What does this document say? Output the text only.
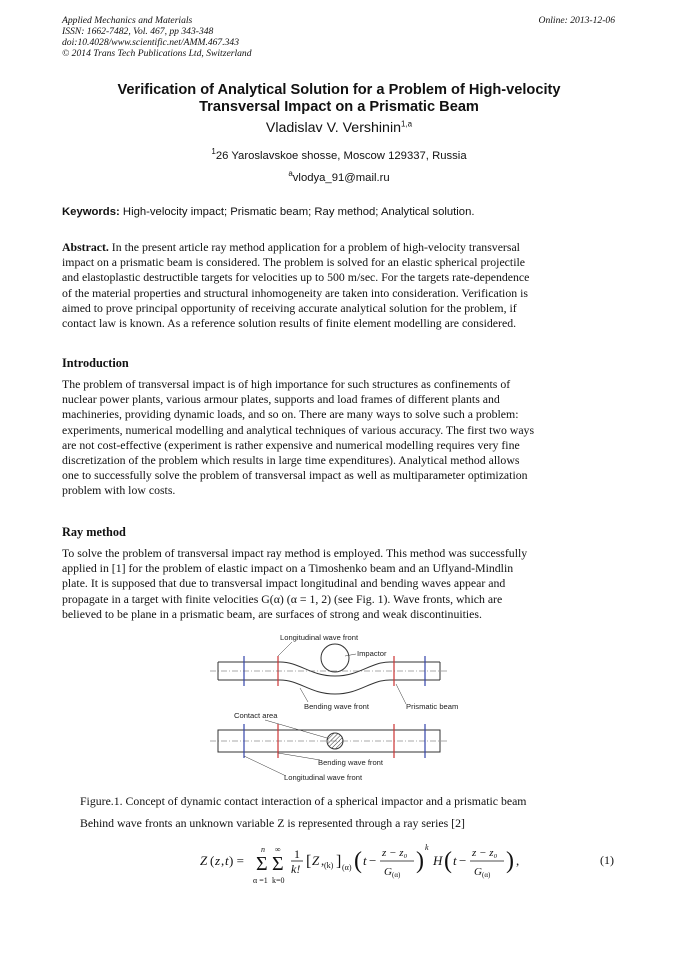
Applied Mechanics and Materials
ISSN: 1662-7482, Vol. 467, pp 343-348
doi:10.4028/www.scientific.net/AMM.467.343
© 2014 Trans Tech Publications Ltd, Switzerland
Online: 2013-12-06
Verification of Analytical Solution for a Problem of High-velocity
Transversal Impact on a Prismatic Beam
Vladislav V. Vershinin$^{1,a}$
$^1$26 Yaroslavskoe shosse, Moscow 129337, Russia
$^a$vlodya_91@mail.ru
Keywords: High-velocity impact; Prismatic beam; Ray method; Analytical solution.
Abstract. In the present article ray method application for a problem of high-velocity transversal
impact on a prismatic beam is considered. The problem is solved for an elastic spherical projectile
and elastoplastic destructible targets for velocities up to 500 m/sec. For the targets rate-dependence
of the material properties and structural inhomogeneity are taken into consideration. Verification is
aimed to prove principal opportunity of receiving accurate analytical solution for the problem, if
contact law is known. As a reference solution results of finite element modelling are considered.
Introduction
The problem of transversal impact is of high importance for such structures as confinements of
nuclear power plants, various armour plates, supports and load frames of different plants and
machineries, providing dynamic loads, and so on. There are many ways to solve such a problem:
experiments, numerical modelling and analytical techniques of various accuracy. The first two ways
are not cost-effective (experiment is rather expensive and numerical modelling requires very fine
discretization of the problem which results in large time expenditures). Analytical method allows
one to successfully solve the problem of transversal impact as well as multiparameter optimization
problem with low costs.
Ray method
To solve the problem of transversal impact ray method is employed. This method was successfully
applied in [1] for the problem of elastic impact on a Timoshenko beam and an Uflyand-Mindlin
plate. It is supposed that due to transversal impact longitudinal and bending waves appear and
propagate in a target with finite velocities G(α) (α = 1, 2) (see Fig. 1). Wave fronts, which are
believed to be plane in a prismatic beam, are surfaces of strong and weak discontinuities.
Longitudinal wave front
Impactor
Bending wave front	Prismatic beam
Contact area
Bending wave front
Longitudinal wave front
Figure.1. Concept of dynamic contact interaction of a spherical impactor and a prismatic beam
Behind wave fronts an unknown variable Z is represented through a ray series [2]
Z ( z , t ) = Σ Σ
n ∞
α =1 k=0
1
k! [ Z , (k) ] (α) ( t − z − z₀
G (α)
)
k
H ( t − z − z₀
G (α)
) ,	(1)
